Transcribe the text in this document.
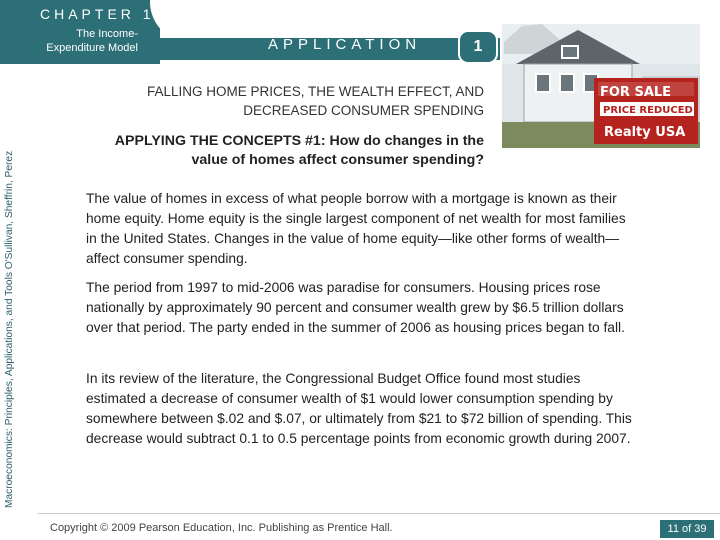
CHAPTER 11
The Income-
Expenditure Model
Macroeconomics: Principles, Applications, and Tools O'Sullivan, Sheffrin, Perez
APPLICATION	1
FOR SALE
PRICE REDUCED
Realty USA
FALLING HOME PRICES, THE WEALTH EFFECT, AND
DECREASED CONSUMER SPENDING
APPLYING THE CONCEPTS #1: How do changes in the
value of homes affect consumer spending?
The value of homes in excess of what people borrow with a mortgage is known as their home equity. Home equity is the single largest component of net wealth for most families in the United States. Changes in the value of home equity—like other forms of wealth—affect consumer spending.
The period from 1997 to mid-2006 was paradise for consumers. Housing prices rose nationally by approximately 90 percent and consumer wealth grew by $6.5 trillion dollars over that period. The party ended in the summer of 2006 as housing prices began to fall.
In its review of the literature, the Congressional Budget Office found most studies estimated a decrease of consumer wealth of $1 would lower consumption spending by somewhere between $.02 and $.07, or ultimately from $21 to $72 billion of spending. This decrease would subtract 0.1 to 0.5 percentage points from economic growth during 2007.
Copyright © 2009 Pearson Education, Inc. Publishing as Prentice Hall.	11 of 39
